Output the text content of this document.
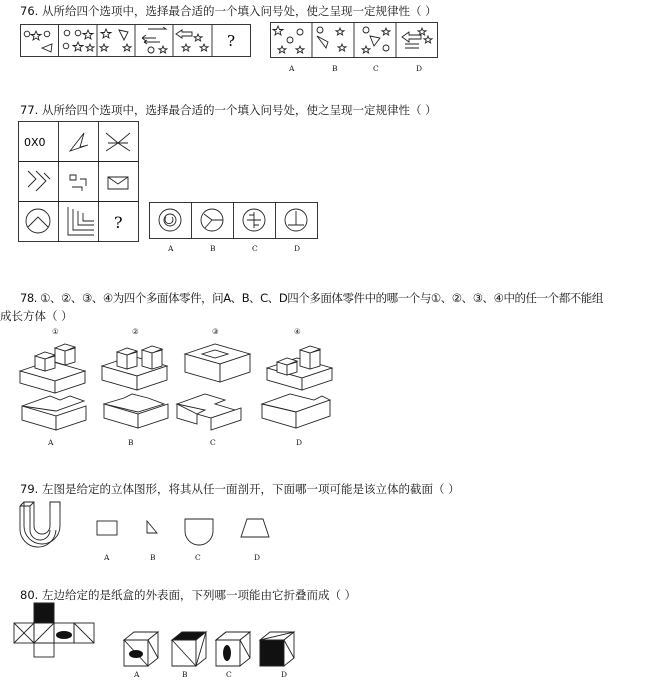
76. 从所给四个选项中，选择最合适的一个填入问号处，使之呈现一定规律性（ ）
?
A	B	C	D
77. 从所给四个选项中，选择最合适的一个填入问号处，使之呈现一定规律性（ ）
0X0
?
A	B	C	D
78. ①、②、③、④为四个多面体零件，问A、B、C、D四个多面体零件中的哪一个与①、②、③、④中的任一个都不能组
成长方体（ ）
①	②	③	④
A	B	C	D
79. 左图是给定的立体图形，将其从任一面剖开，下面哪一项可能是该立体的截面（ ）
A	B	C	D
80. 左边给定的是纸盒的外表面，下列哪一项能由它折叠而成（ ）
A	B	C	D
